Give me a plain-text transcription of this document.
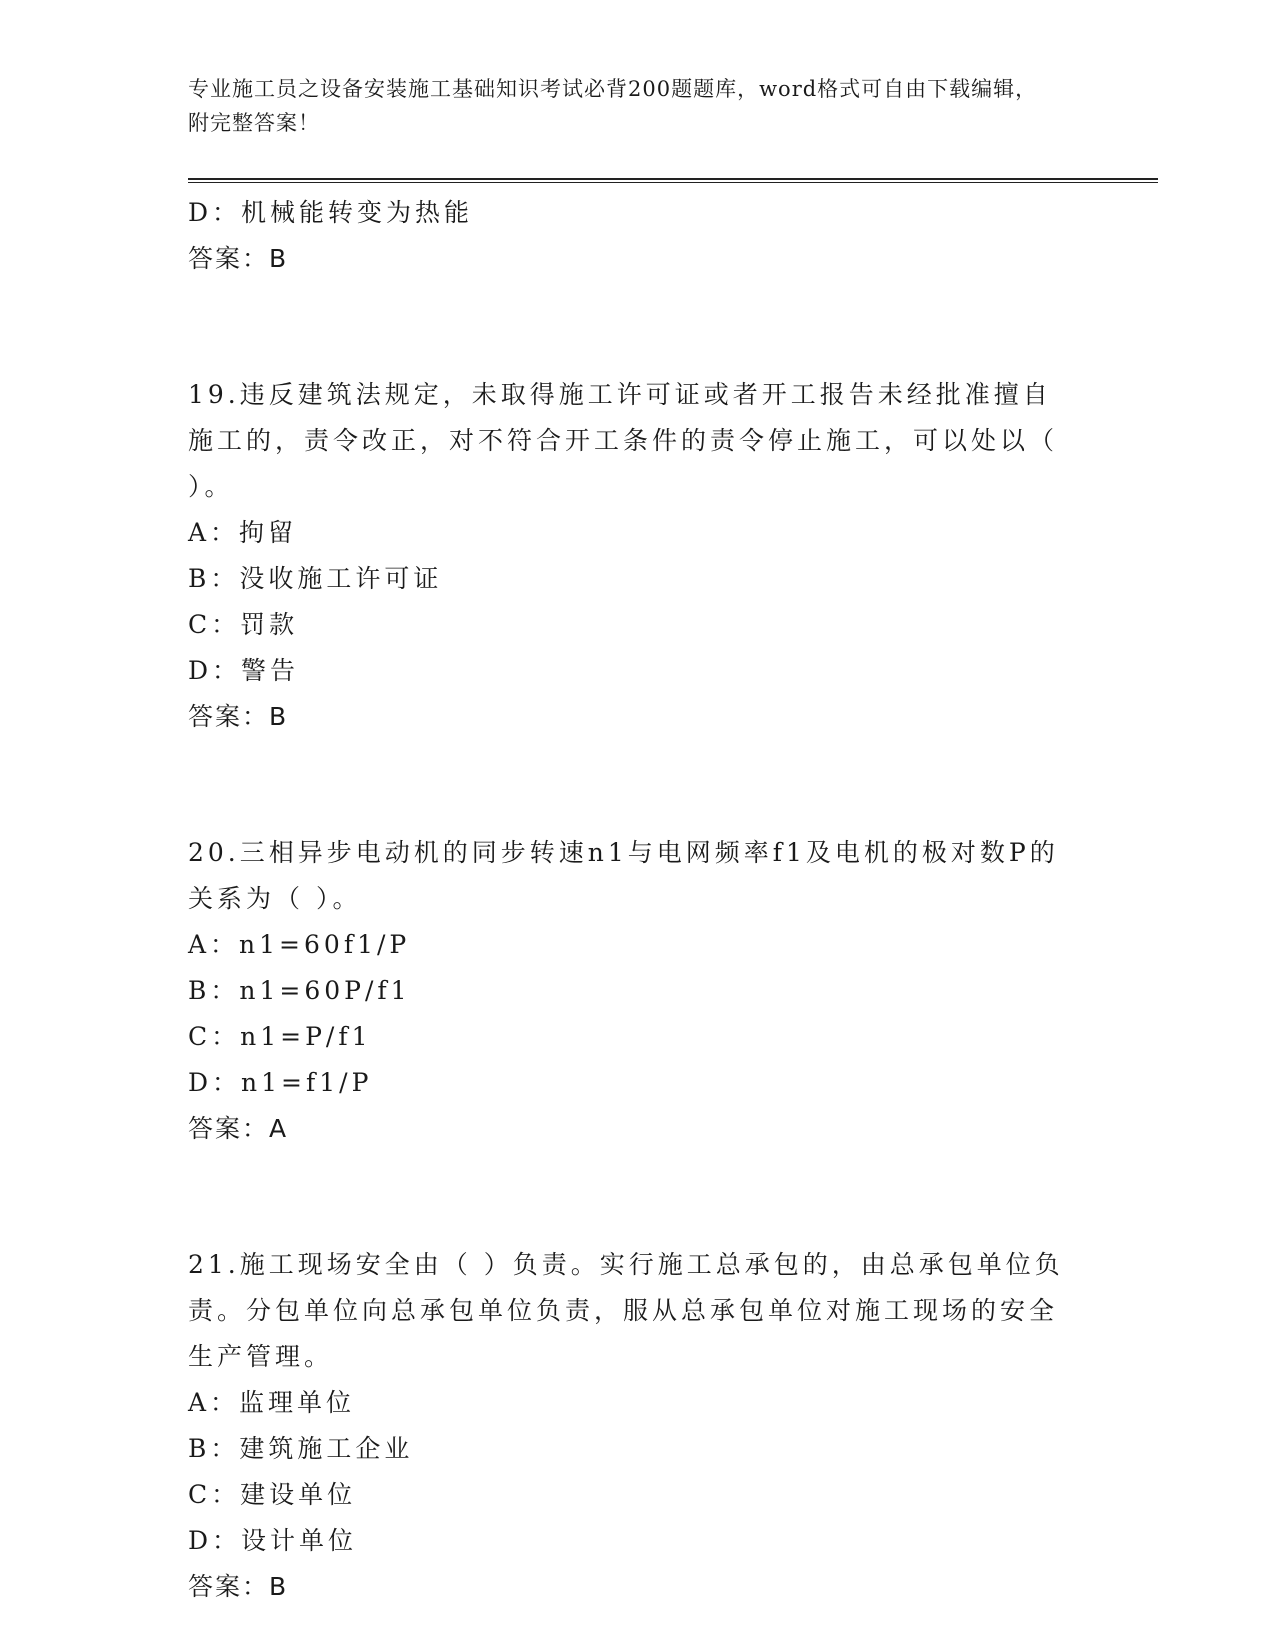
专业施工员之设备安装施工基础知识考试必背200题题库，word格式可自由下载编辑，附完整答案！
D：机械能转变为热能
答案：B
19.违反建筑法规定，未取得施工许可证或者开工报告未经批准擅自施工的，责令改正，对不符合开工条件的责令停止施工，可以处以（ ）。
A：拘留
B：没收施工许可证
C：罚款
D：警告
答案：B
20.三相异步电动机的同步转速n1与电网频率f1及电机的极对数P的关系为（ ）。
A：n1=60f1/P
B：n1=60P/f1
C：n1=P/f1
D：n1=f1/P
答案：A
21.施工现场安全由（ ）负责。实行施工总承包的，由总承包单位负责。分包单位向总承包单位负责，服从总承包单位对施工现场的安全生产管理。
A：监理单位
B：建筑施工企业
C：建设单位
D：设计单位
答案：B
